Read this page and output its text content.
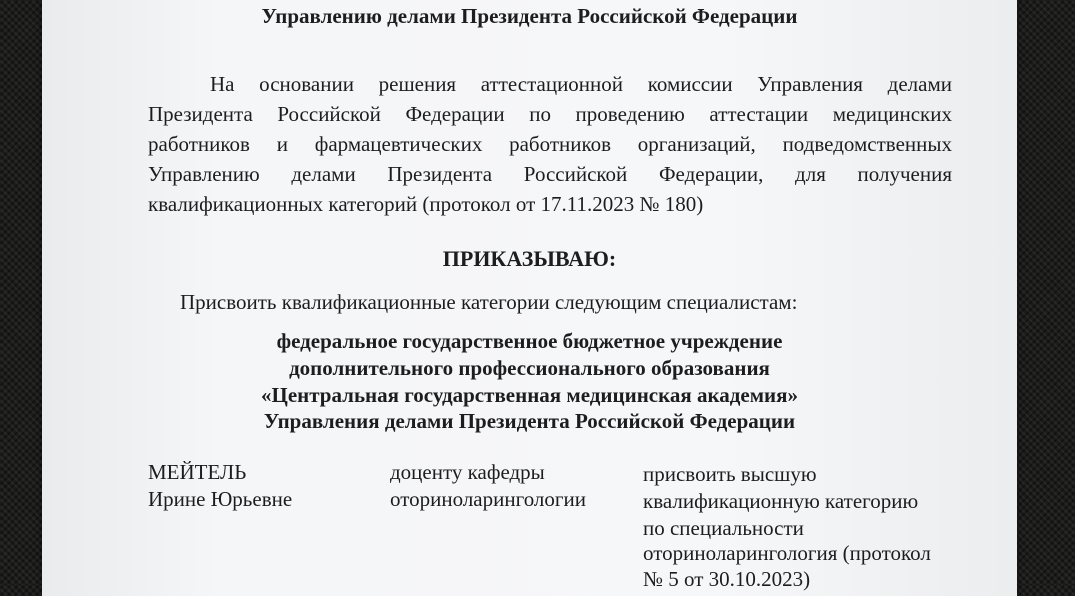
Управлению делами Президента Российской Федерации
На основании решения аттестационной комиссии Управления делами
Президента Российской Федерации по проведению аттестации медицинских
работников и фармацевтических работников организаций, подведомственных
Управлению делами Президента Российской Федерации, для получения
квалификационных категорий (протокол от 17.11.2023 № 180)
ПРИКАЗЫВАЮ:
Присвоить квалификационные категории следующим специалистам:
федеральное государственное бюджетное учреждение
дополнительного профессионального образования
«Центральная государственная медицинская академия»
Управления делами Президента Российской Федерации
МЕЙТЕЛЬ
Ирине Юрьевне
доценту кафедры
оториноларингологии
присвоить высшую
квалификационную категорию
по специальности
оториноларингология (протокол
№ 5 от 30.10.2023)
